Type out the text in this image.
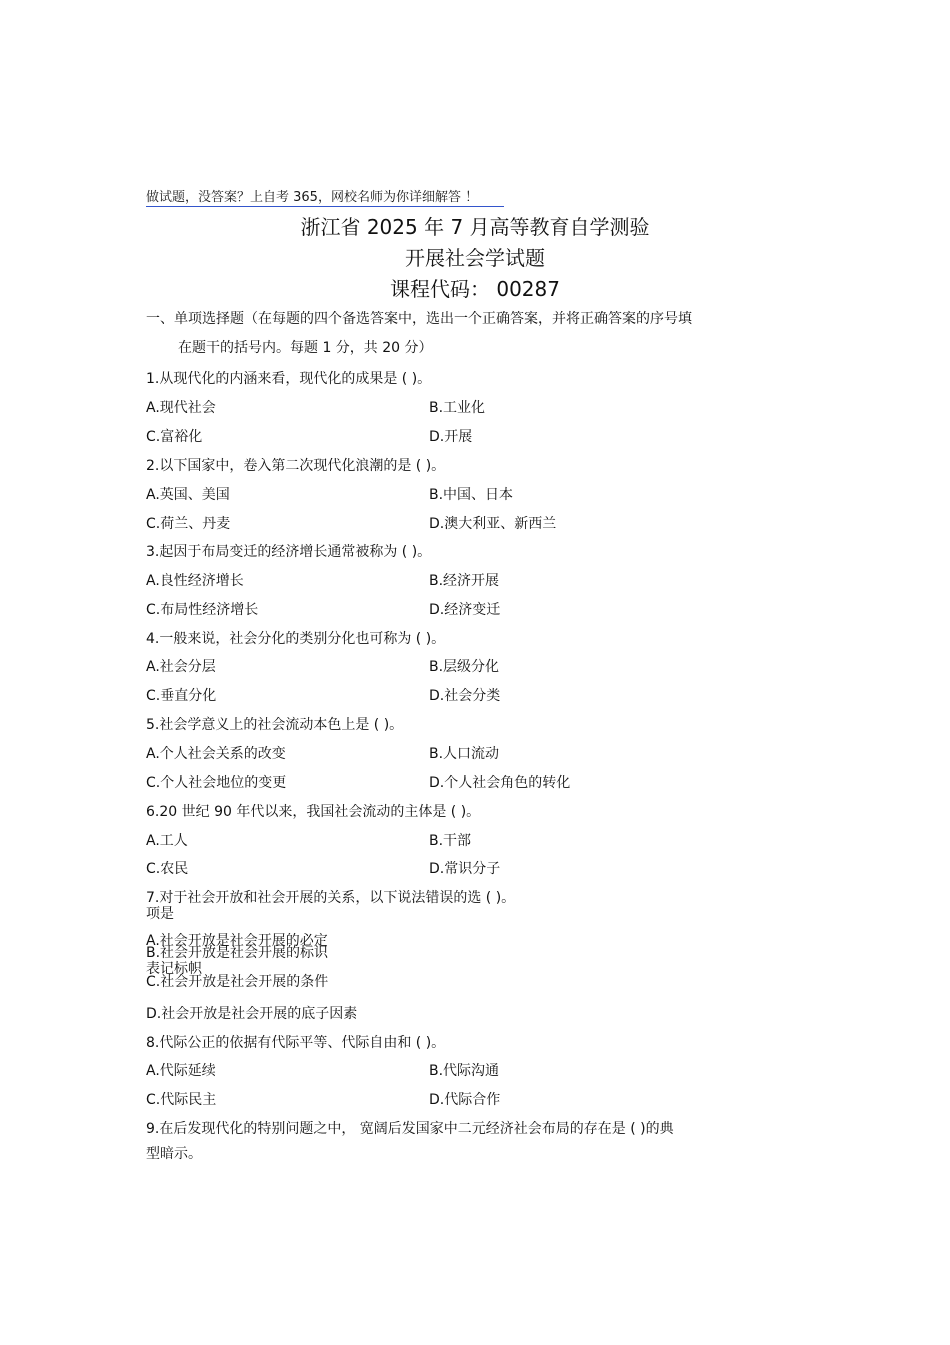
做试题，没答案？上自考 365，网校名师为你详细解答 ！
浙江省 2025 年 7 月高等教育自学测验
开展社会学试题
课程代码： 00287
一、单项选择题（在每题的四个备选答案中，选出一个正确答案，并将正确答案的序号填
在题干的括号内。每题 1 分，共 20 分）
1.从现代化的内涵来看，现代化的成果是 ( )。
A.现代社会	B.工业化
C.富裕化	D.开展
2.以下国家中，卷入第二次现代化浪潮的是 ( )。
A.英国、美国	B.中国、日本
C.荷兰、丹麦	D.澳大利亚、新西兰
3.起因于布局变迁的经济增长通常被称为 ( )。
A.良性经济增长	B.经济开展
C.布局性经济增长	D.经济变迁
4.一般来说，社会分化的类别分化也可称为 ( )。
A.社会分层	B.层级分化
C.垂直分化	D.社会分类
5.社会学意义上的社会流动本色上是 ( )。
A.个人社会关系的改变	B.人口流动
C.个人社会地位的变更	D.个人社会角色的转化
6.20 世纪 90 年代以来，我国社会流动的主体是 ( )。
A.工人	B.干部
C.农民	D.常识分子
7.对于社会开放和社会开展的关系，以下说法错误的选 ( )。
项是
A.社会开放是社会开展的必定
B.社会开放是社会开展的标识
表记标帜
C.社会开放是社会开展的条件
D.社会开放是社会开展的底子因素
8.代际公正的依据有代际平等、代际自由和 ( )。
A.代际延续	B.代际沟通
C.代际民主	D.代际合作
9.在后发现代化的特别问题之中， 宽阔后发国家中二元经济社会布局的存在是 ( )的典
型暗示。
